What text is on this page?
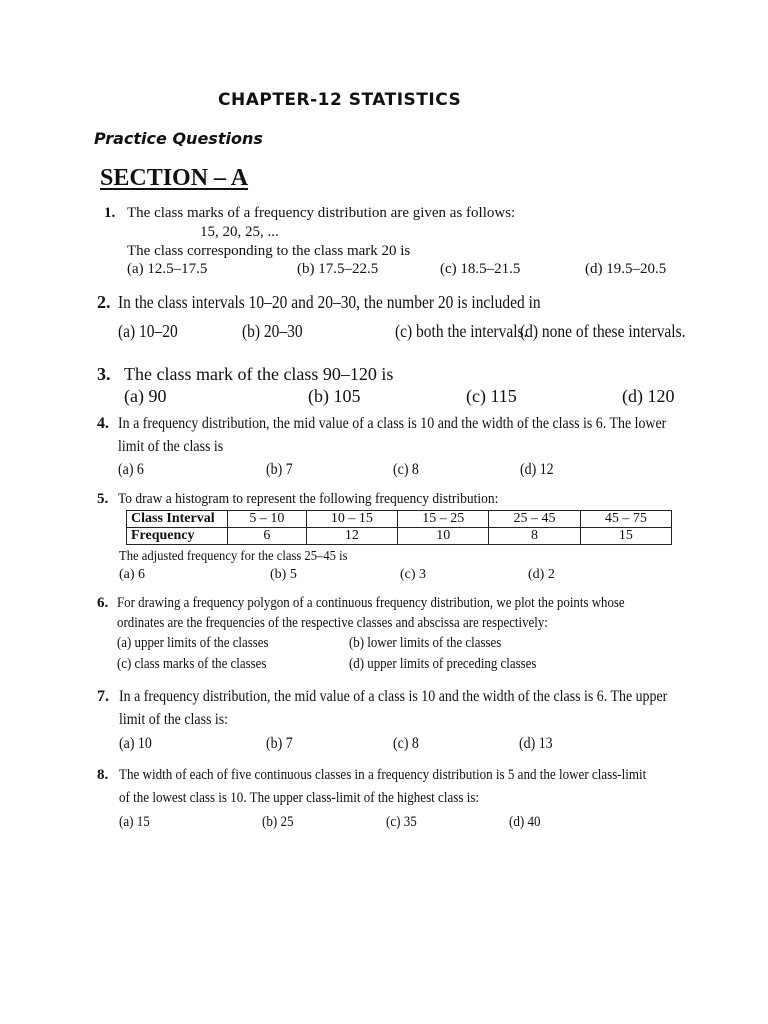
CHAPTER-12 STATISTICS
Practice Questions
SECTION – A
1. The class marks of a frequency distribution are given as follows:
15, 20, 25, ...
The class corresponding to the class mark 20 is
(a) 12.5–17.5	(b) 17.5–22.5	(c) 18.5–21.5	(d) 19.5–20.5
2. In the class intervals 10–20 and 20–30, the number 20 is included in
(a) 10–20	(b) 20–30	(c) both the intervals.
(d) none of these intervals.
3. The class mark of the class 90–120 is
(a) 90	(b) 105	(c) 115	(d) 120
4. In a frequency distribution, the mid value of a class is 10 and the width of the class is 6. The lower
limit of the class is
(a) 6	(b) 7	(c) 8	(d) 12
5. To draw a histogram to represent the following frequency distribution:
Class Interval	5 – 10	10 – 15	15 – 25	25 – 45	45 – 75
Frequency	6	12	10	8	15
The adjusted frequency for the class 25–45 is
(a) 6	(b) 5	(c) 3	(d) 2
6. For drawing a frequency polygon of a continuous frequency distribution, we plot the points whose
ordinates are the frequencies of the respective classes and abscissa are respectively:
(a) upper limits of the classes	(b) lower limits of the classes
(c) class marks of the classes	(d) upper limits of preceding classes
7. In a frequency distribution, the mid value of a class is 10 and the width of the class is 6. The upper
limit of the class is:
(a) 10	(b) 7	(c) 8	(d) 13
8. The width of each of five continuous classes in a frequency distribution is 5 and the lower class-limit
of the lowest class is 10. The upper class-limit of the highest class is:
(a) 15	(b) 25	(c) 35	(d) 40
